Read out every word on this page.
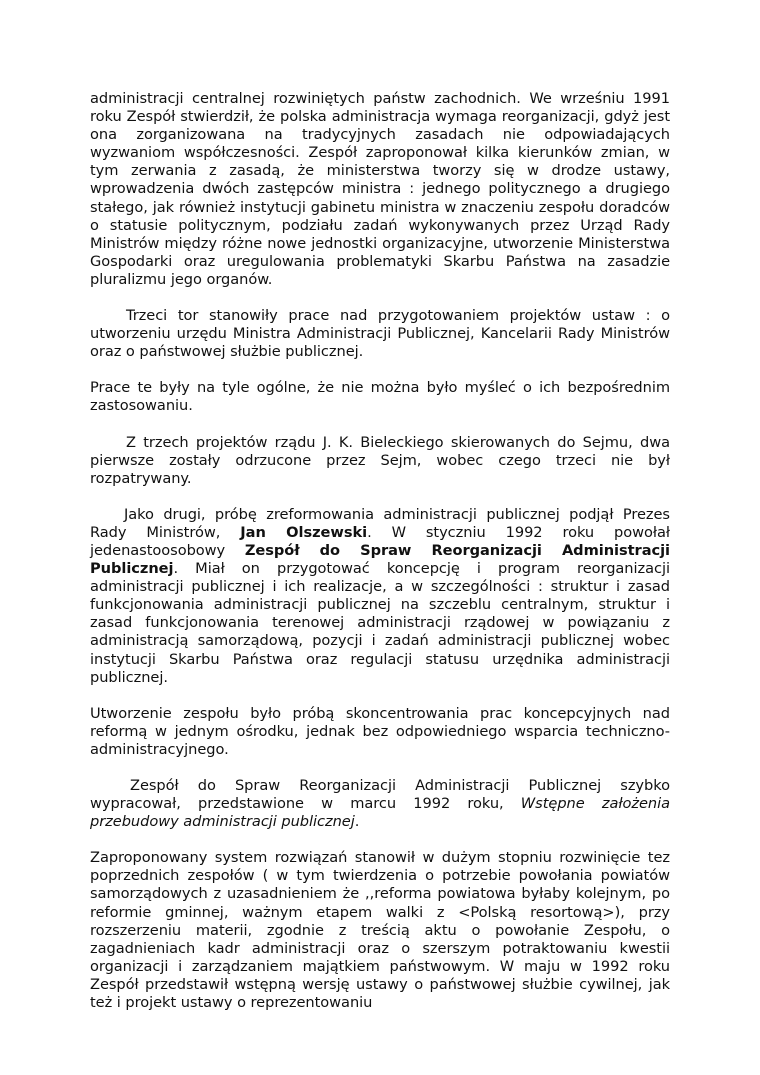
administracji centralnej rozwiniętych państw zachodnich. We wrześniu 1991 roku Zespół stwierdził, że polska administracja wymaga reorganizacji, gdyż jest ona zorganizowana na tradycyjnych zasadach nie odpowiadających wyzwaniom współczesności. Zespół zaproponował kilka kierunków zmian, w tym zerwania z zasadą, że ministerstwa tworzy się w drodze ustawy, wprowadzenia dwóch zastępców ministra : jednego politycznego a drugiego stałego, jak również instytucji gabinetu ministra w znaczeniu zespołu doradców o statusie politycznym, podziału zadań wykonywanych przez Urząd Rady Ministrów między różne nowe jednostki organizacyjne, utworzenie Ministerstwa Gospodarki oraz uregulowania problematyki Skarbu Państwa na zasadzie pluralizmu jego organów.

Trzeci tor stanowiły prace nad przygotowaniem projektów ustaw : o utworzeniu urzędu Ministra Administracji Publicznej, Kancelarii Rady Ministrów oraz o państwowej służbie publicznej.

Prace te były na tyle ogólne, że nie można było myśleć o ich bezpośrednim zastosowaniu.

Z trzech projektów rządu J. K. Bieleckiego skierowanych do Sejmu, dwa pierwsze zostały odrzucone przez Sejm, wobec czego trzeci nie był rozpatrywany.

Jako drugi, próbę zreformowania administracji publicznej podjął Prezes Rady Ministrów, Jan Olszewski. W styczniu 1992 roku powołał jedenastoosobowy Zespół do Spraw Reorganizacji Administracji Publicznej. Miał on przygotować koncepcję i program reorganizacji administracji publicznej i ich realizacje, a w szczególności : struktur i zasad funkcjonowania administracji publicznej na szczeblu centralnym, struktur i zasad funkcjonowania terenowej administracji rządowej w powiązaniu z administracją samorządową, pozycji i zadań administracji publicznej wobec instytucji Skarbu Państwa oraz regulacji statusu urzędnika administracji publicznej.

Utworzenie zespołu było próbą skoncentrowania prac koncepcyjnych nad reformą w jednym ośrodku, jednak bez odpowiedniego wsparcia techniczno-administracyjnego.

Zespół do Spraw Reorganizacji Administracji Publicznej szybko wypracował, przedstawione w marcu 1992 roku, Wstępne założenia przebudowy administracji publicznej.

Zaproponowany system rozwiązań stanowił w dużym stopniu rozwinięcie tez poprzednich zespołów ( w tym twierdzenia o potrzebie powołania powiatów samorządowych z uzasadnieniem że ,,reforma powiatowa byłaby kolejnym, po reformie gminnej, ważnym etapem walki z <Polską resortową>), przy rozszerzeniu materii, zgodnie z treścią aktu o powołanie Zespołu, o zagadnieniach kadr administracji oraz o szerszym potraktowaniu kwestii organizacji i zarządzaniem majątkiem państwowym. W maju w 1992 roku Zespół przedstawił wstępną wersję ustawy o państwowej służbie cywilnej, jak też i projekt ustawy o reprezentowaniu
